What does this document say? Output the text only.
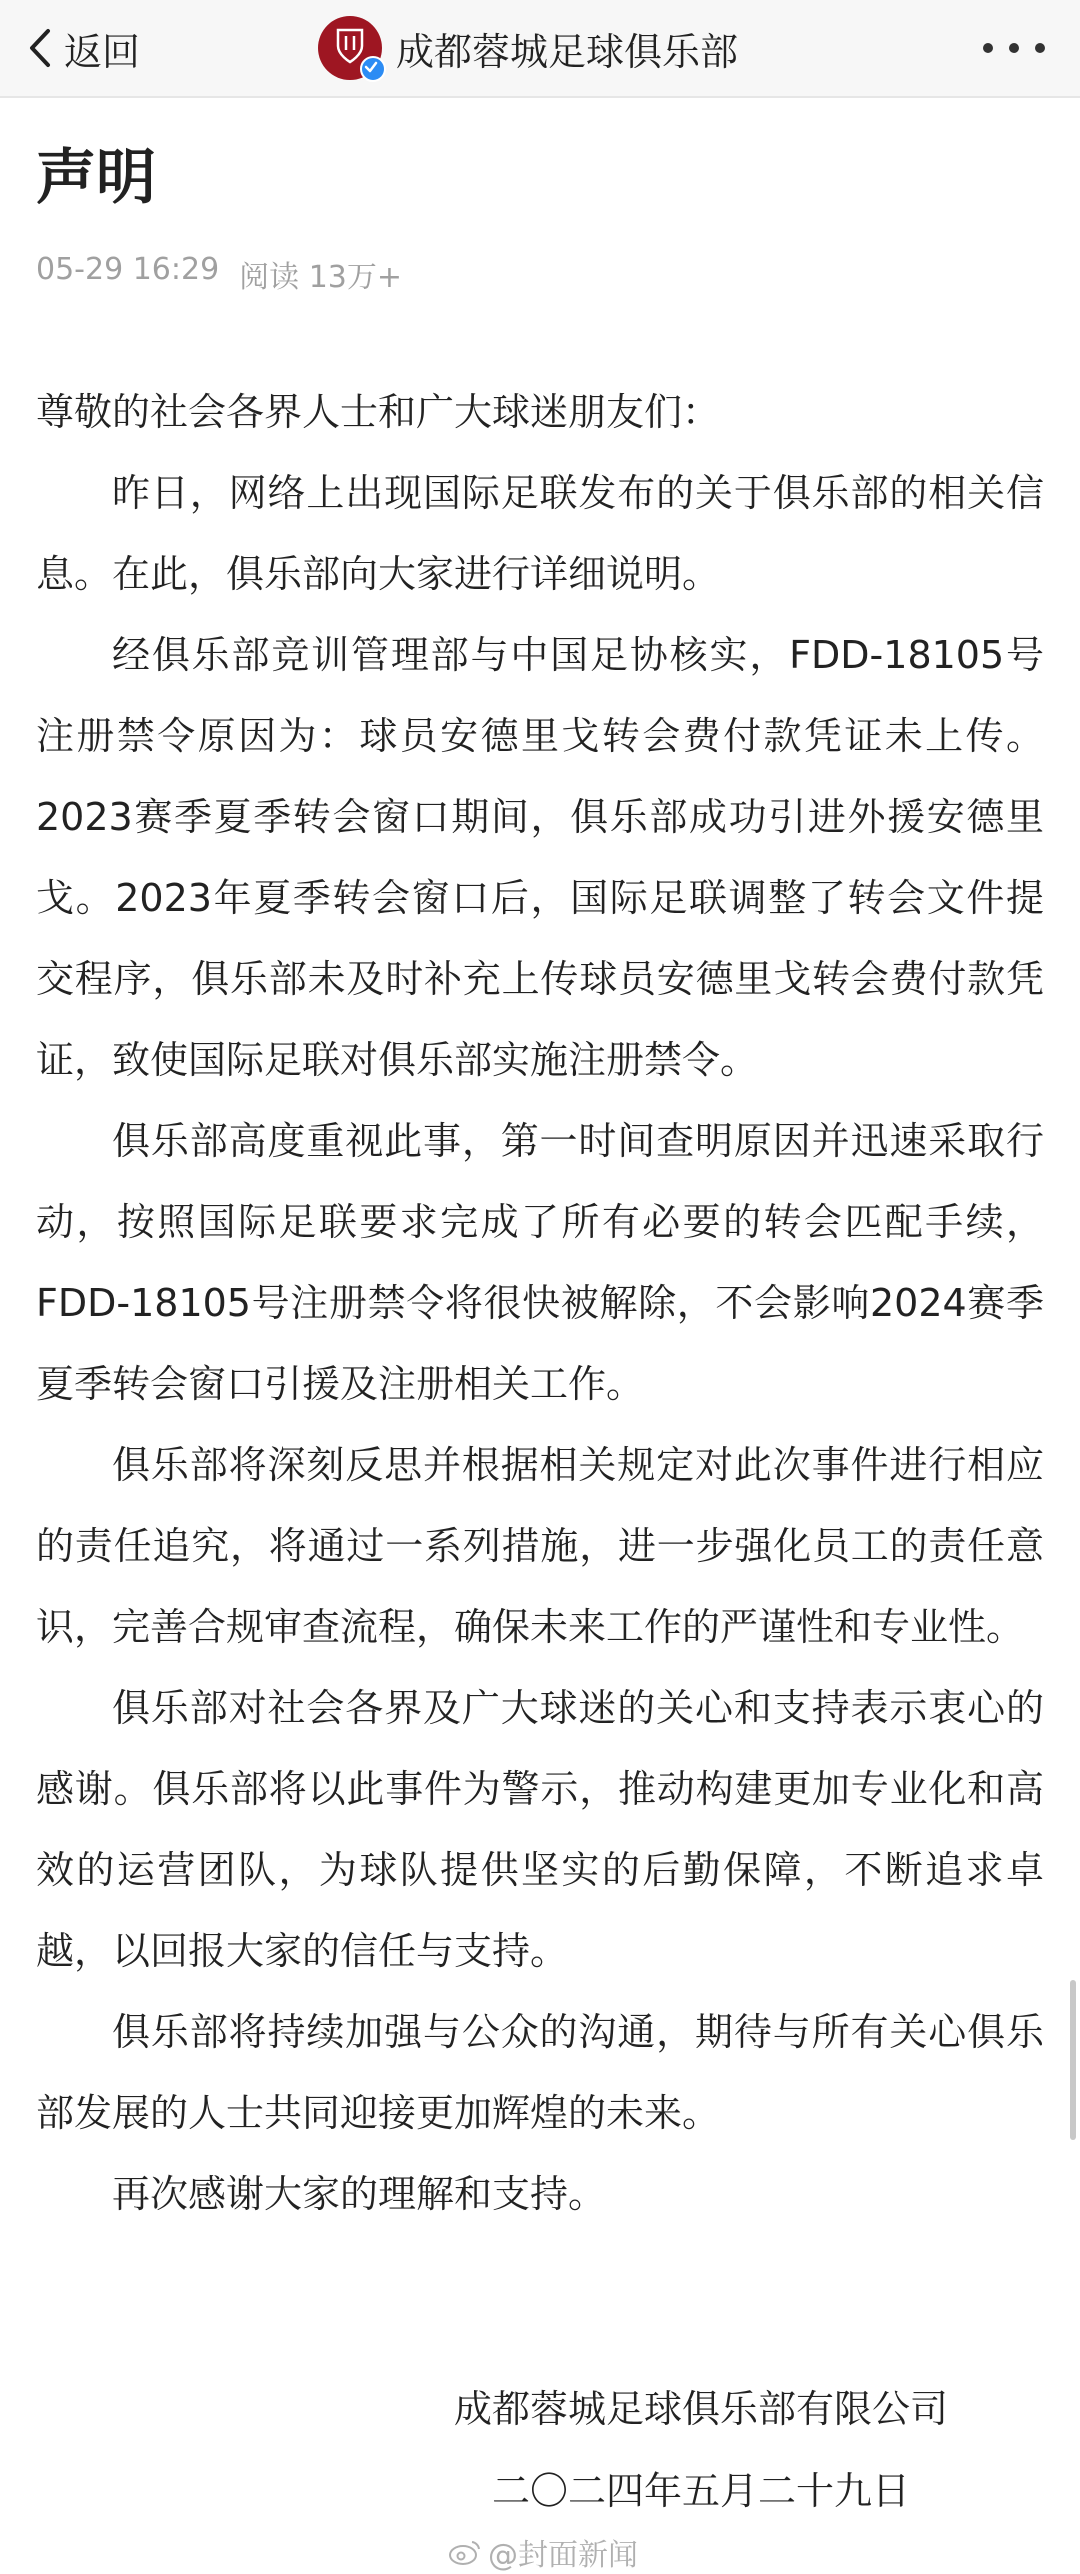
返回	成都蓉城足球俱乐部
声明
05-29 16:29 阅读 13万+

尊敬的社会各界人士和广大球迷朋友们：

昨日，网络上出现国际足联发布的关于俱乐部的相关信息。在此，俱乐部向大家进行详细说明。

经俱乐部竞训管理部与中国足协核实，FDD-18105号注册禁令原因为：球员安德里戈转会费付款凭证未上传。2023赛季夏季转会窗口期间，俱乐部成功引进外援安德里戈。2023年夏季转会窗口后，国际足联调整了转会文件提交程序，俱乐部未及时补充上传球员安德里戈转会费付款凭证，致使国际足联对俱乐部实施注册禁令。

俱乐部高度重视此事，第一时间查明原因并迅速采取行动，按照国际足联要求完成了所有必要的转会匹配手续，FDD-18105号注册禁令将很快被解除，不会影响2024赛季夏季转会窗口引援及注册相关工作。

俱乐部将深刻反思并根据相关规定对此次事件进行相应的责任追究，将通过一系列措施，进一步强化员工的责任意识，完善合规审查流程，确保未来工作的严谨性和专业性。

俱乐部对社会各界及广大球迷的关心和支持表示衷心的感谢。俱乐部将以此事件为警示，推动构建更加专业化和高效的运营团队，为球队提供坚实的后勤保障，不断追求卓越，以回报大家的信任与支持。

俱乐部将持续加强与公众的沟通，期待与所有关心俱乐部发展的人士共同迎接更加辉煌的未来。

再次感谢大家的理解和支持。

成都蓉城足球俱乐部有限公司
二〇二四年五月二十九日
@封面新闻
